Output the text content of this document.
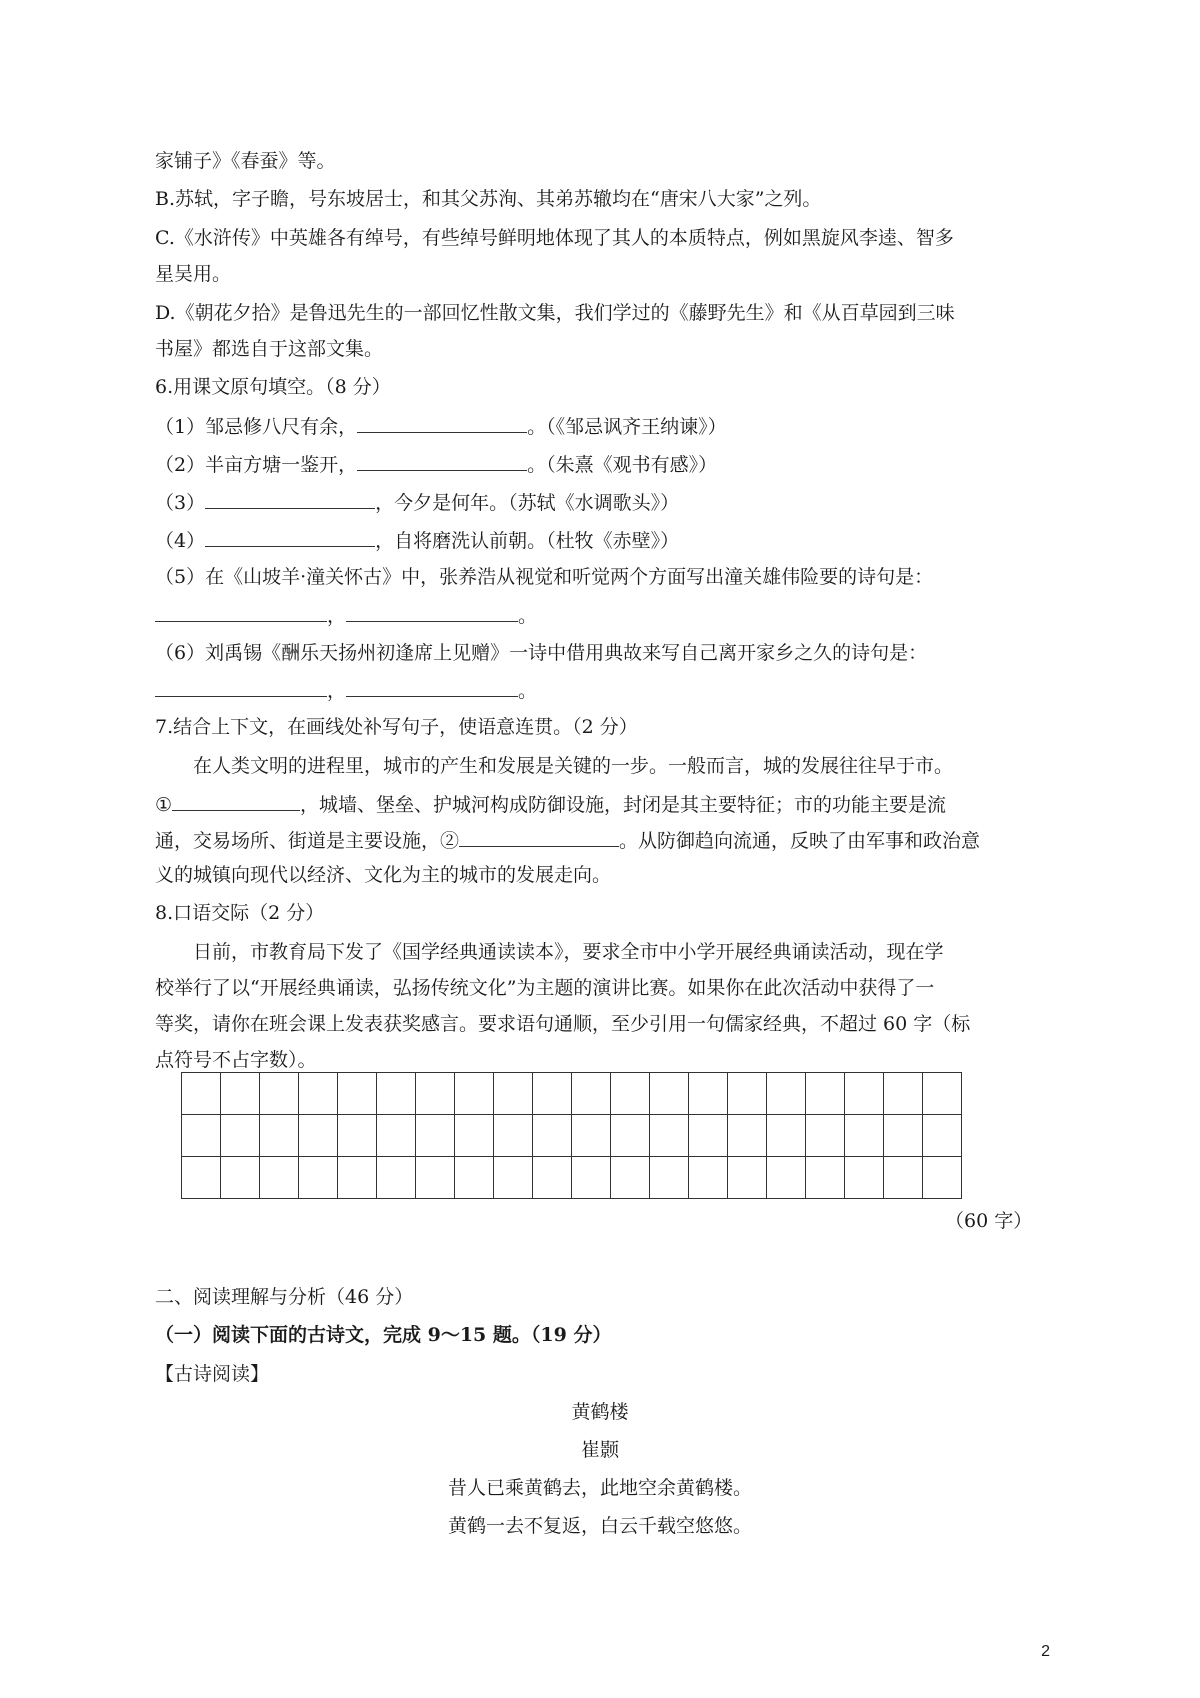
家铺子》《春蚕》等。
B.苏轼，字子瞻，号东坡居士，和其父苏洵、其弟苏辙均在“唐宋八大家”之列。
C.《水浒传》中英雄各有绰号，有些绰号鲜明地体现了其人的本质特点，例如黑旋风李逵、智多
星吴用。
D.《朝花夕拾》是鲁迅先生的一部回忆性散文集，我们学过的《藤野先生》和《从百草园到三味
书屋》都选自于这部文集。
6.用课文原句填空。（8 分）
（1）邹忌修八尺有余，	。（《邹忌讽齐王纳谏》）
（2）半亩方塘一鉴开，	。（朱熹《观书有感》）
（3）	，今夕是何年。（苏轼《水调歌头》）
（4）	，自将磨洗认前朝。（杜牧《赤壁》）
（5）在《山坡羊·潼关怀古》中，张养浩从视觉和听觉两个方面写出潼关雄伟险要的诗句是：
，	。
（6）刘禹锡《酬乐天扬州初逢席上见赠》一诗中借用典故来写自己离开家乡之久的诗句是：
，	。
7.结合上下文，在画线处补写句子，使语意连贯。（2 分）
在人类文明的进程里，城市的产生和发展是关键的一步。一般而言，城的发展往往早于市。
①	，城墙、堡垒、护城河构成防御设施，封闭是其主要特征；市的功能主要是流
通，交易场所、街道是主要设施，②	。从防御趋向流通，反映了由军事和政治意
义的城镇向现代以经济、文化为主的城市的发展走向。
8.口语交际（2 分）
日前，市教育局下发了《国学经典通读读本》，要求全市中小学开展经典诵读活动，现在学
校举行了以“开展经典诵读，弘扬传统文化”为主题的演讲比赛。如果你在此次活动中获得了一
等奖，请你在班会课上发表获奖感言。要求语句通顺，至少引用一句儒家经典，不超过 60 字（标
点符号不占字数）。

（60 字）
二、阅读理解与分析（46 分）
（一）阅读下面的古诗文，完成 9～15 题。（19 分）
【古诗阅读】
黄鹤楼
崔颢
昔人已乘黄鹤去，此地空余黄鹤楼。
黄鹤一去不复返，白云千载空悠悠。
2
